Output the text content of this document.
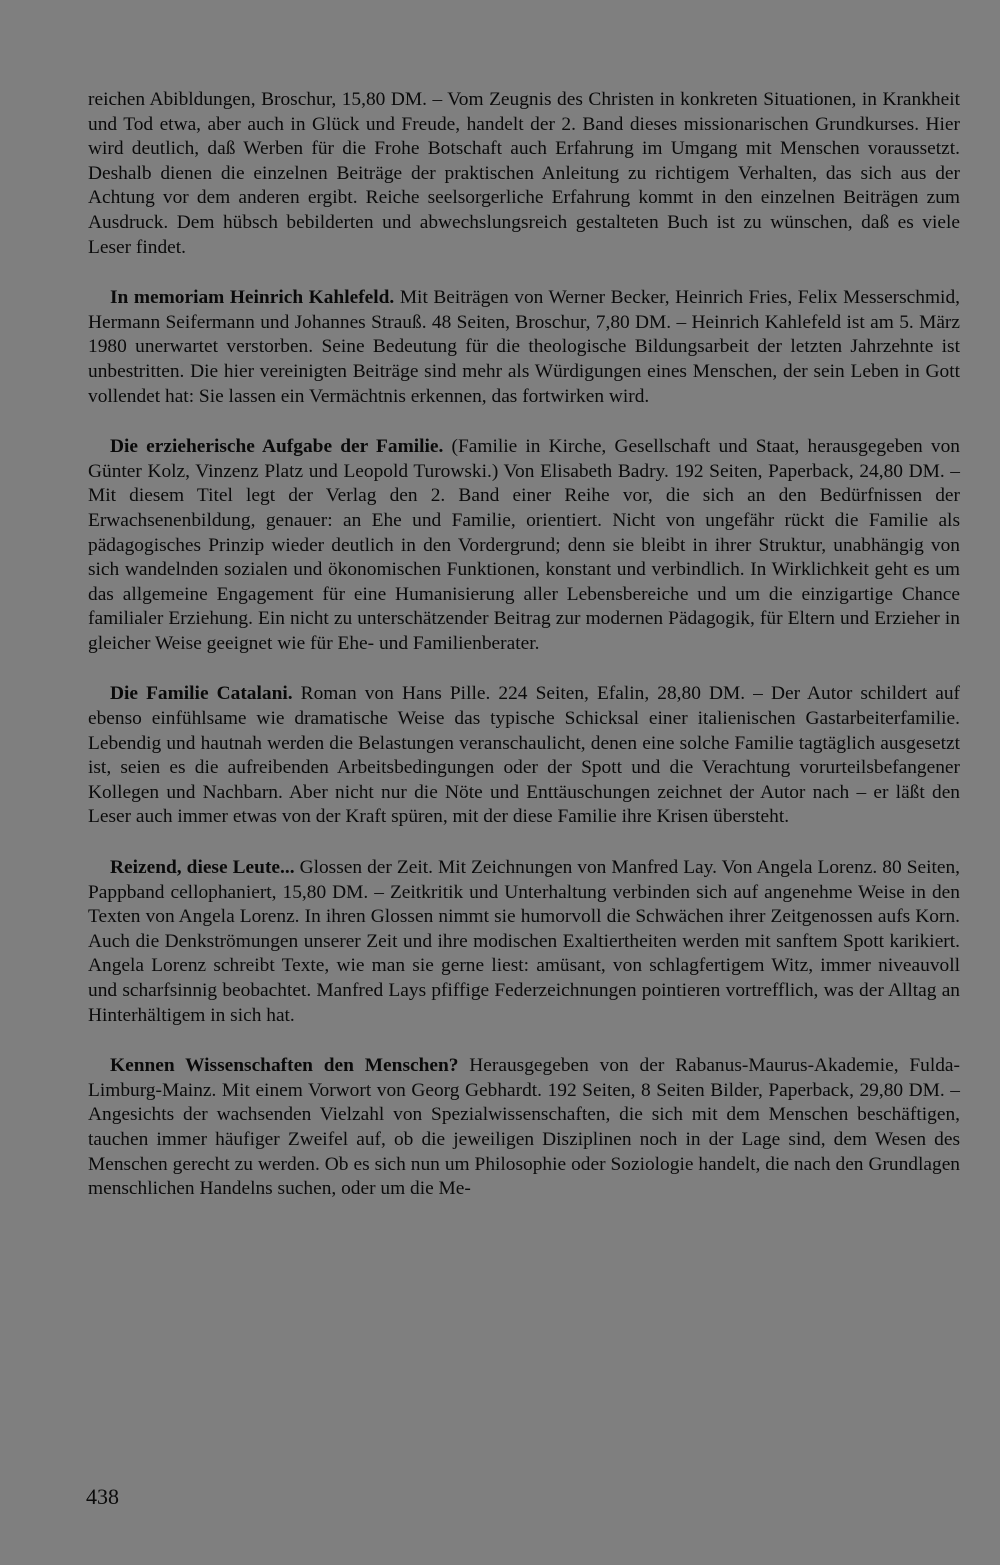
reichen Abibldungen, Broschur, 15,80 DM. – Vom Zeugnis des Christen in konkreten Situationen, in Krankheit und Tod etwa, aber auch in Glück und Freude, handelt der 2. Band dieses missionarischen Grundkurses. Hier wird deutlich, daß Werben für die Frohe Botschaft auch Erfahrung im Umgang mit Menschen voraussetzt. Deshalb dienen die einzelnen Beiträge der praktischen Anleitung zu richtigem Verhalten, das sich aus der Achtung vor dem anderen ergibt. Reiche seelsorgerliche Erfahrung kommt in den einzelnen Beiträgen zum Ausdruck. Dem hübsch bebilderten und abwechslungsreich gestalteten Buch ist zu wünschen, daß es viele Leser findet.

In memoriam Heinrich Kahlefeld. Mit Beiträgen von Werner Becker, Heinrich Fries, Felix Messerschmid, Hermann Seifermann und Johannes Strauß. 48 Seiten, Broschur, 7,80 DM. – Heinrich Kahlefeld ist am 5. März 1980 unerwartet verstorben. Seine Bedeutung für die theologische Bildungsarbeit der letzten Jahrzehnte ist unbestritten. Die hier vereinigten Beiträge sind mehr als Würdigungen eines Menschen, der sein Leben in Gott vollendet hat: Sie lassen ein Vermächtnis erkennen, das fortwirken wird.

Die erzieherische Aufgabe der Familie. (Familie in Kirche, Gesellschaft und Staat, herausgegeben von Günter Kolz, Vinzenz Platz und Leopold Turowski.) Von Elisabeth Badry. 192 Seiten, Paperback, 24,80 DM. – Mit diesem Titel legt der Verlag den 2. Band einer Reihe vor, die sich an den Bedürfnissen der Erwachsenenbildung, genauer: an Ehe und Familie, orientiert. Nicht von ungefähr rückt die Familie als pädagogisches Prinzip wieder deutlich in den Vordergrund; denn sie bleibt in ihrer Struktur, unabhängig von sich wandelnden sozialen und ökonomischen Funktionen, konstant und verbindlich. In Wirklichkeit geht es um das allgemeine Engagement für eine Humanisierung aller Lebensbereiche und um die einzigartige Chance familialer Erziehung. Ein nicht zu unterschätzender Beitrag zur modernen Pädagogik, für Eltern und Erzieher in gleicher Weise geeignet wie für Ehe- und Familienberater.

Die Familie Catalani. Roman von Hans Pille. 224 Seiten, Efalin, 28,80 DM. – Der Autor schildert auf ebenso einfühlsame wie dramatische Weise das typische Schicksal einer italienischen Gastarbeiterfamilie. Lebendig und hautnah werden die Belastungen veranschaulicht, denen eine solche Familie tagtäglich ausgesetzt ist, seien es die aufreibenden Arbeitsbedingungen oder der Spott und die Verachtung vorurteilsbefangener Kollegen und Nachbarn. Aber nicht nur die Nöte und Enttäuschungen zeichnet der Autor nach – er läßt den Leser auch immer etwas von der Kraft spüren, mit der diese Familie ihre Krisen übersteht.

Reizend, diese Leute... Glossen der Zeit. Mit Zeichnungen von Manfred Lay. Von Angela Lorenz. 80 Seiten, Pappband cellophaniert, 15,80 DM. – Zeitkritik und Unterhaltung verbinden sich auf angenehme Weise in den Texten von Angela Lorenz. In ihren Glossen nimmt sie humorvoll die Schwächen ihrer Zeitgenossen aufs Korn. Auch die Denkströmungen unserer Zeit und ihre modischen Exaltiertheiten werden mit sanftem Spott karikiert. Angela Lorenz schreibt Texte, wie man sie gerne liest: amüsant, von schlagfertigem Witz, immer niveauvoll und scharfsinnig beobachtet. Manfred Lays pfiffige Federzeichnungen pointieren vortrefflich, was der Alltag an Hinterhältigem in sich hat.

Kennen Wissenschaften den Menschen? Herausgegeben von der Rabanus-Maurus-Akademie, Fulda-Limburg-Mainz. Mit einem Vorwort von Georg Gebhardt. 192 Seiten, 8 Seiten Bilder, Paperback, 29,80 DM. – Angesichts der wachsenden Vielzahl von Spezialwissenschaften, die sich mit dem Menschen beschäftigen, tauchen immer häufiger Zweifel auf, ob die jeweiligen Disziplinen noch in der Lage sind, dem Wesen des Menschen gerecht zu werden. Ob es sich nun um Philosophie oder Soziologie handelt, die nach den Grundlagen menschlichen Handelns suchen, oder um die Me-

438
